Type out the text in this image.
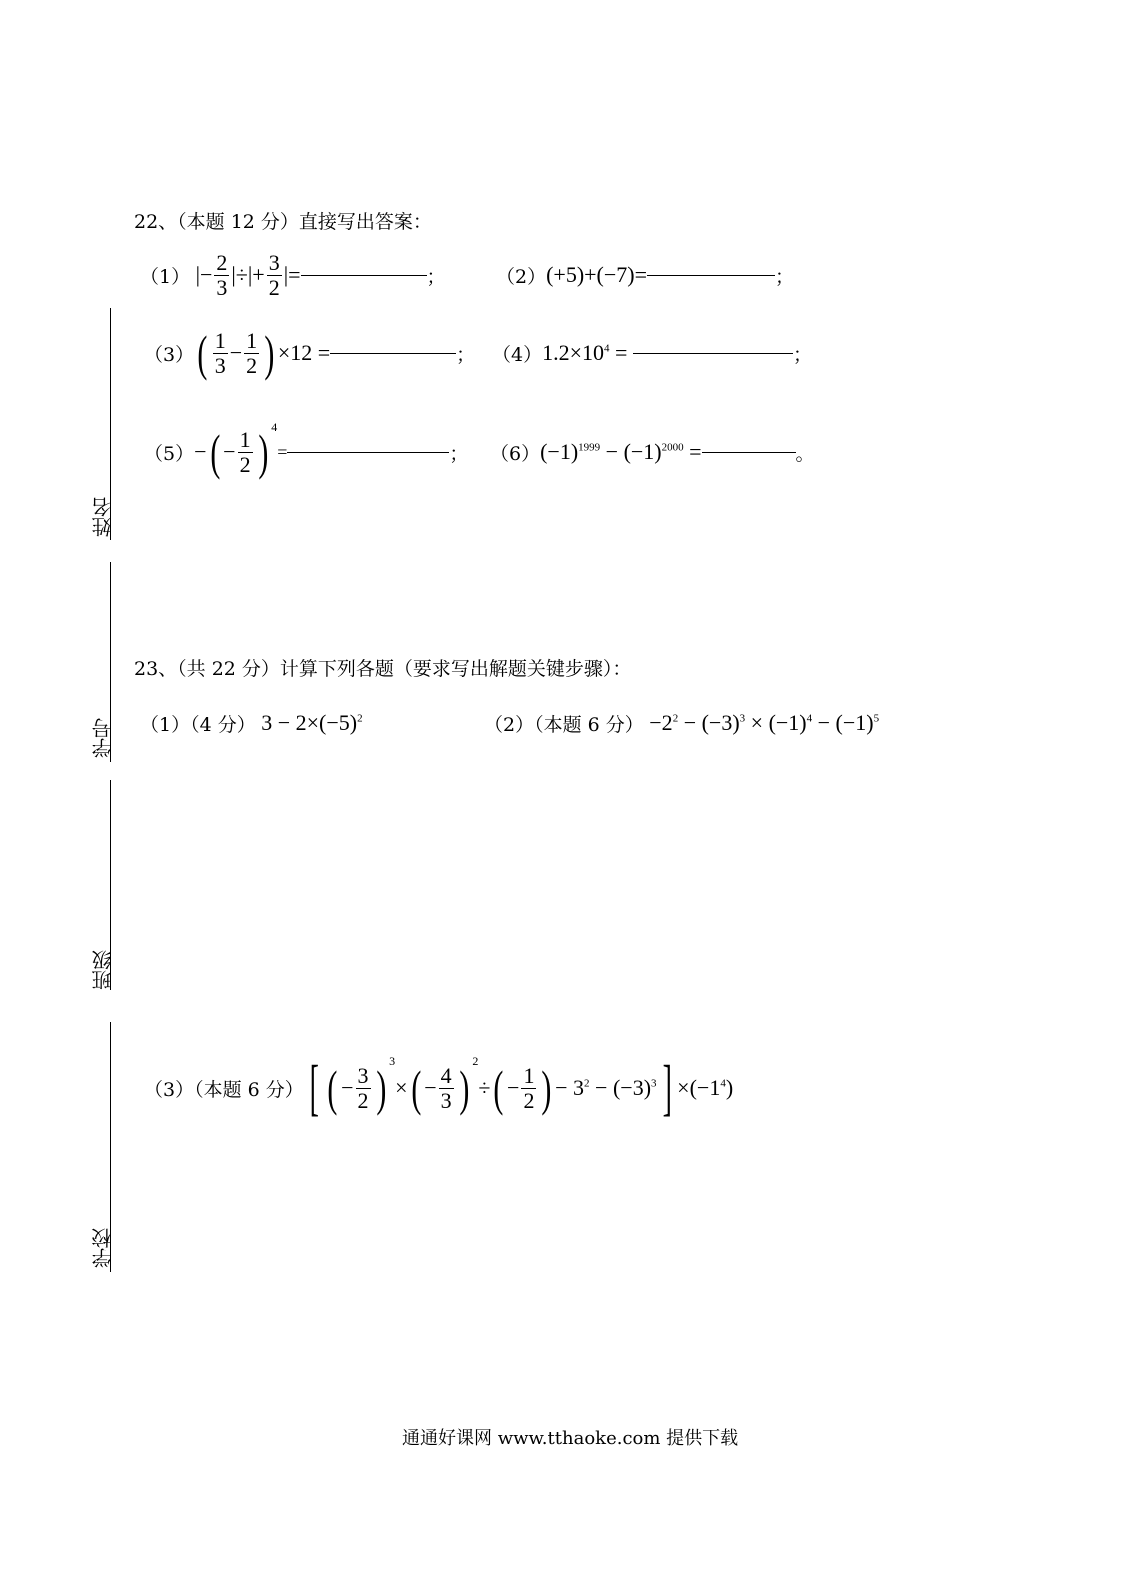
姓名
学号
班级
学校
22、（本题 12 分）直接写出答案：
（1） |− $\frac{2}{3}$ |÷|+ $\frac{3}{2}$ |=	；	（2） (+5)+(−7)=	；
（3） ( $\frac{1}{3} - \frac{1}{2}$ ) ×12 =	； （4） $1.2\times 10^4$ =	；
（5） − ( − $\frac{1}{2}$ ) 4
=	； （6） $(-1)^{1999} - (-1)^{2000}$ =	。
23、（共 22 分）计算下列各题（要求写出解题关键步骤）：
（1）（4 分） $3 - 2\times(-5)^2$	（2）（本题 6 分） $-2^2 - (-3)^3 \times (-1)^4 - (-1)^5$
（3）（本题 6 分） [ ( − $\frac{3}{2}$ ) 3
× ( − $\frac{4}{3}$ ) 2
÷ ( − $\frac{1}{2}$ ) − $3^2 - (-3)^3$ ] $\times(-1^4)$
通通好课网 www.tthaoke.com 提供下载
